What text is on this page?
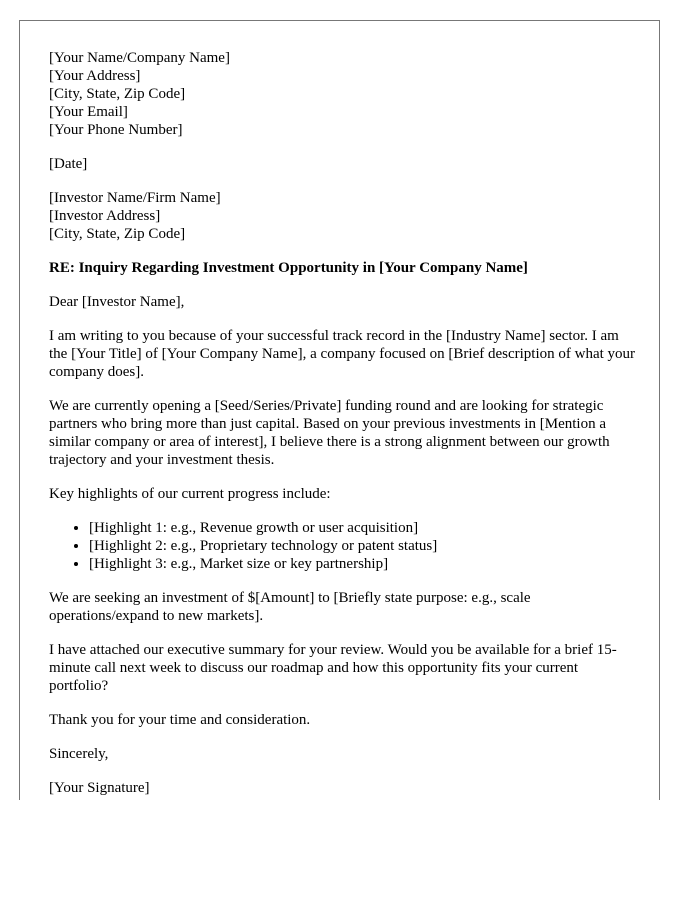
[Your Name/Company Name]
[Your Address]
[City, State, Zip Code]
[Your Email]
[Your Phone Number]
[Date]
[Investor Name/Firm Name]
[Investor Address]
[City, State, Zip Code]

RE: Inquiry Regarding Investment Opportunity in [Your Company Name]

Dear [Investor Name],

I am writing to you because of your successful track record in the [Industry Name] sector. I am the [Your Title] of [Your Company Name], a company focused on [Brief description of what your company does].

We are currently opening a [Seed/Series/Private] funding round and are looking for strategic partners who bring more than just capital. Based on your previous investments in [Mention a similar company or area of interest], I believe there is a strong alignment between our growth trajectory and your investment thesis.

Key highlights of our current progress include:

• [Highlight 1: e.g., Revenue growth or user acquisition]
• [Highlight 2: e.g., Proprietary technology or patent status]
• [Highlight 3: e.g., Market size or key partnership]

We are seeking an investment of $[Amount] to [Briefly state purpose: e.g., scale operations/expand to new markets].

I have attached our executive summary for your review. Would you be available for a brief 15-minute call next week to discuss our roadmap and how this opportunity fits your current portfolio?

Thank you for your time and consideration.

Sincerely,

[Your Signature]
